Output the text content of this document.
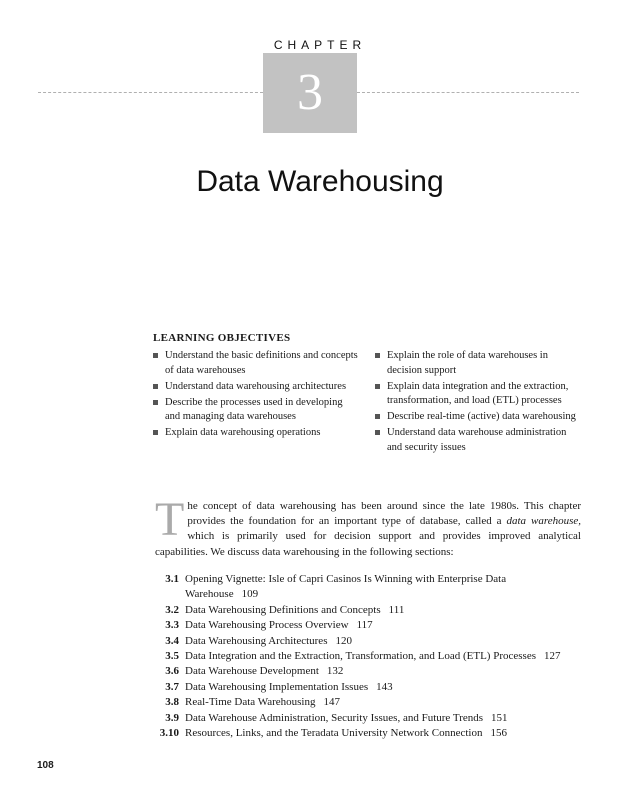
CHAPTER
3
Data Warehousing
LEARNING OBJECTIVES
Understand the basic definitions and concepts of data warehouses
Understand data warehousing architectures
Describe the processes used in developing and managing data warehouses
Explain data warehousing operations
Explain the role of data warehouses in decision support
Explain data integration and the extraction, transformation, and load (ETL) processes
Describe real-time (active) data warehousing
Understand data warehouse administration and security issues

The concept of data warehousing has been around since the late 1980s. This chapter provides the foundation for an important type of database, called a data warehouse, which is primarily used for decision support and provides improved analytical capabilities. We discuss data warehousing in the following sections:

3.1 Opening Vignette: Isle of Capri Casinos Is Winning with Enterprise Data Warehouse 109
3.2 Data Warehousing Definitions and Concepts 111
3.3 Data Warehousing Process Overview 117
3.4 Data Warehousing Architectures 120
3.5 Data Integration and the Extraction, Transformation, and Load (ETL) Processes 127
3.6 Data Warehouse Development 132
3.7 Data Warehousing Implementation Issues 143
3.8 Real-Time Data Warehousing 147
3.9 Data Warehouse Administration, Security Issues, and Future Trends 151
3.10 Resources, Links, and the Teradata University Network Connection 156
108
